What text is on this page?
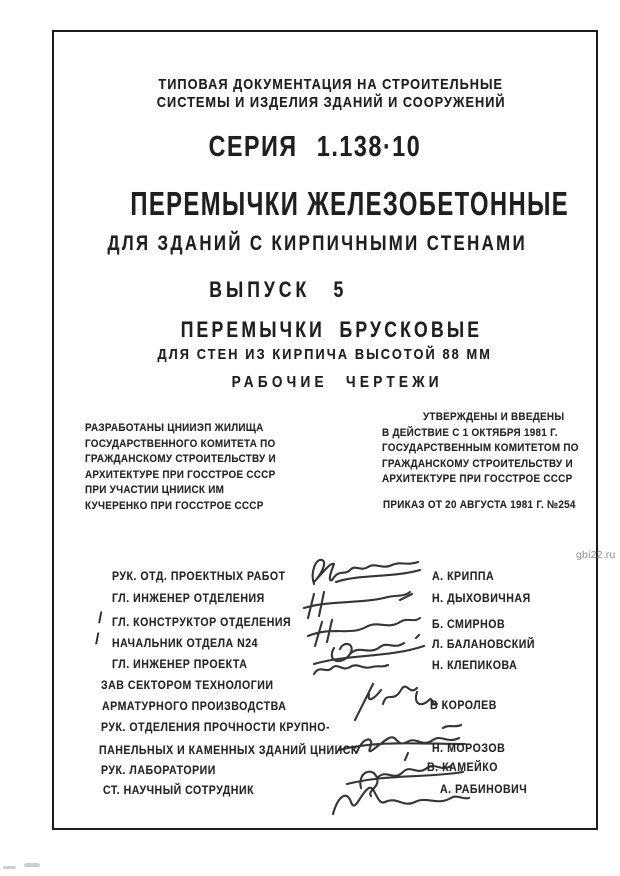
ТИПОВАЯ ДОКУМЕНТАЦИЯ НА СТРОИТЕЛЬНЫЕ
СИСТЕМЫ И ИЗДЕЛИЯ ЗДАНИЙ И СООРУЖЕНИЙ
СЕРИЯ 1.138·10
ПЕРЕМЫЧКИ ЖЕЛЕЗОБЕТОННЫЕ
ДЛЯ ЗДАНИЙ С КИРПИЧНЫМИ СТЕНАМИ
ВЫПУСК 5
ПЕРЕМЫЧКИ БРУСКОВЫЕ
ДЛЯ СТЕН ИЗ КИРПИЧА ВЫСОТОЙ 88 ММ
РАБОЧИЕ ЧЕРТЕЖИ
РАЗРАБОТАНЫ ЦНИИЭП ЖИЛИЩА
ГОСУДАРСТВЕННОГО КОМИТЕТА ПО
ГРАЖДАНСКОМУ СТРОИТЕЛЬСТВУ И
АРХИТЕКТУРЕ ПРИ ГОССТРОЕ СССР
ПРИ УЧАСТИИ ЦНИИСК ИМ
КУЧЕРЕНКО ПРИ ГОССТРОЕ СССР
УТВЕРЖДЕНЫ И ВВЕДЕНЫ
В ДЕЙСТВИЕ С 1 ОКТЯБРЯ 1981 Г.
ГОСУДАРСТВЕННЫМ КОМИТЕТОМ ПО
ГРАЖДАНСКОМУ СТРОИТЕЛЬСТВУ И
АРХИТЕКТУРЕ ПРИ ГОССТРОЕ СССР
ПРИКАЗ ОТ 20 АВГУСТА 1981 Г. №254
РУК. ОТД. ПРОЕКТНЫХ РАБОТ
ГЛ. ИНЖЕНЕР ОТДЕЛЕНИЯ
/ ГЛ. КОНСТРУКТОР ОТДЕЛЕНИЯ
/ НАЧАЛЬНИК ОТДЕЛА N24
ГЛ. ИНЖЕНЕР ПРОЕКТА
ЗАВ СЕКТОРОМ ТЕХНОЛОГИИ
АРМАТУРНОГО ПРОИЗВОДСТВА
РУК. ОТДЕЛЕНИЯ ПРОЧНОСТИ КРУПНО-
ПАНЕЛЬНЫХ И КАМЕННЫХ ЗДАНИЙ ЦНИИСК
РУК. ЛАБОРАТОРИИ
СТ. НАУЧНЫЙ СОТРУДНИК
А. КРИППА
Н. ДЫХОВИЧНАЯ
Б. СМИРНОВ
Л. БАЛАНОВСКИЙ
Н. КЛЕПИКОВА
В КОРОЛЕВ
Н. МОРОЗОВ
В. КАМЕЙКО
А. РАБИНОВИЧ
gbi22.ru
